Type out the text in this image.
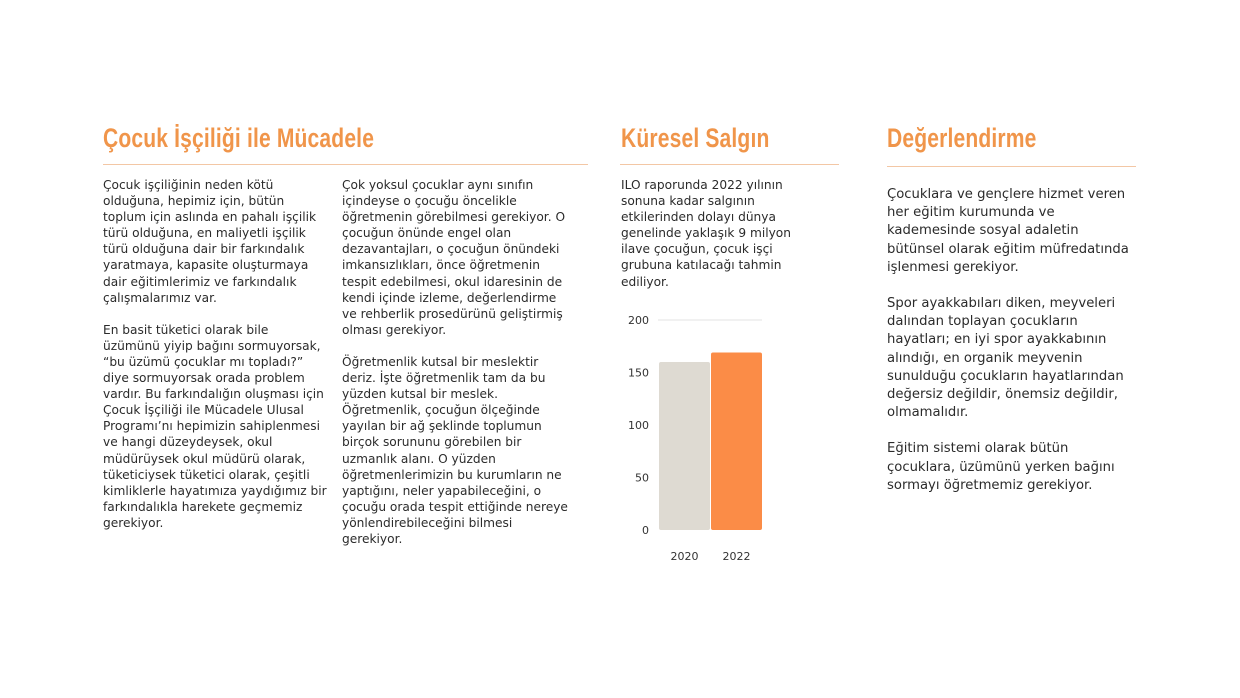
Çocuk İşçiliği ile Mücadele

Çocuk işçiliğinin neden kötü olduğuna, hepimiz için, bütün toplum için aslında en pahalı işçilik türü olduğuna, en maliyetli işçilik türü olduğuna dair bir farkındalık yaratmaya, kapasite oluşturmaya dair eğitimlerimiz ve farkındalık çalışmalarımız var.

En basit tüketici olarak bile üzümünü yiyip bağını sormuyorsak, “bu üzümü çocuklar mı topladı?” diye sormuyorsak orada problem vardır. Bu farkındalığın oluşması için Çocuk İşçiliği ile Mücadele Ulusal Programı’nı hepimizin sahiplenmesi ve hangi düzeydeysek, okul müdürüysek okul müdürü olarak, tüketiciysek tüketici olarak, çeşitli kimliklerle hayatımıza yaydığımız bir farkındalıkla harekete geçmemiz gerekiyor.

Çok yoksul çocuklar aynı sınıfın içindeyse o çocuğu öncelikle öğretmenin görebilmesi gerekiyor. O çocuğun önünde engel olan dezavantajları, o çocuğun önündeki imkansızlıkları, önce öğretmenin tespit edebilmesi, okul idaresinin de kendi içinde izleme, değerlendirme ve rehberlik prosedürünü geliştirmiş olması gerekiyor.

Öğretmenlik kutsal bir meslektir deriz. İşte öğretmenlik tam da bu yüzden kutsal bir meslek. Öğretmenlik, çocuğun ölçeğinde yayılan bir ağ şeklinde toplumun birçok sorununu görebilen bir uzmanlık alanı. O yüzden öğretmenlerimizin bu kurumların ne yaptığını, neler yapabileceğini, o çocuğu orada tespit ettiğinde nereye yönlendirebileceğini bilmesi gerekiyor.

Küresel Salgın

ILO raporunda 2022 yılının sonuna kadar salgının etkilerinden dolayı dünya genelinde yaklaşık 9 milyon ilave çocuğun, çocuk işçi grubuna katılacağı tahmin ediliyor.

0
50
100
150
200
2020 2022
Değerlendirme

Çocuklara ve gençlere hizmet veren her eğitim kurumunda ve kademesinde sosyal adaletin bütünsel olarak eğitim müfredatında işlenmesi gerekiyor.

Spor ayakkabıları diken, meyveleri dalından toplayan çocukların hayatları; en iyi spor ayakkabının alındığı, en organik meyvenin sunulduğu çocukların hayatlarından değersiz değildir, önemsiz değildir, olmamalıdır.

Eğitim sistemi olarak bütün çocuklara, üzümünü yerken bağını sormayı öğretmemiz gerekiyor.
